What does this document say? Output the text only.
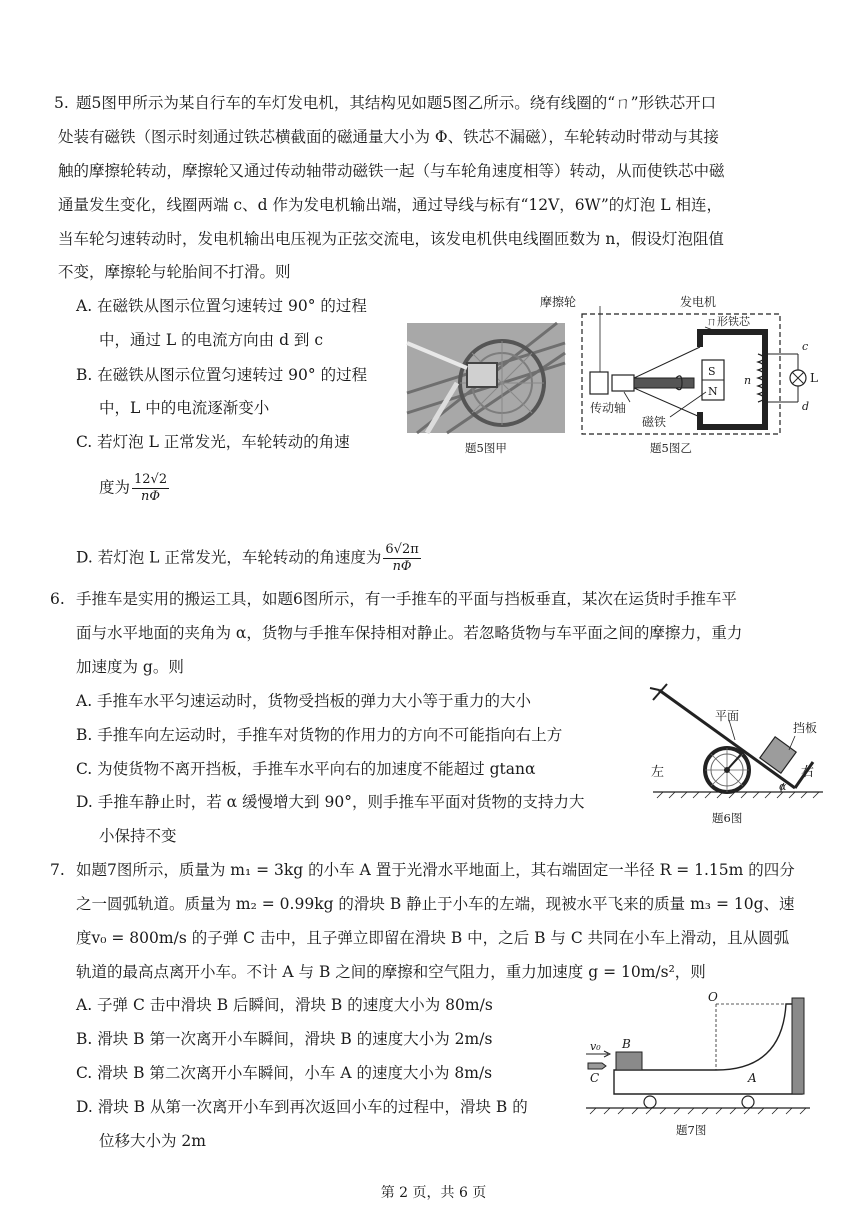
5. 题5图甲所示为某自行车的车灯发电机，其结构见如题5图乙所示。绕有线圈的“ㄇ”形铁芯开口
处装有磁铁（图示时刻通过铁芯横截面的磁通量大小为 Φ、铁芯不漏磁），车轮转动时带动与其接
触的摩擦轮转动，摩擦轮又通过传动轴带动磁铁一起（与车轮角速度相等）转动，从而使铁芯中磁
通量发生变化，线圈两端 c、d 作为发电机输出端，通过导线与标有“12V，6W”的灯泡 L 相连，
当车轮匀速转动时，发电机输出电压视为正弦交流电，该发电机供电线圈匝数为 n，假设灯泡阻值
不变，摩擦轮与轮胎间不打滑。则
A. 在磁铁从图示位置匀速转过 90° 的过程
中，通过 L 的电流方向由 d 到 c
B. 在磁铁从图示位置匀速转过 90° 的过程
中，L 中的电流逐渐变小
C. 若灯泡 L 正常发光，车轮转动的角速
度为 $\frac{12√2}{n\Phi}$
D. 若灯泡 L 正常发光，车轮转动的角速度为 $\frac{6√2\pi}{n\Phi}$
题5图甲
摩擦轮	发电机
ㄇ形铁芯
传动轴
磁铁
S
N
n
c
d
L
题5图乙
6. 手推车是实用的搬运工具，如题6图所示，有一手推车的平面与挡板垂直，某次在运货时手推车平
面与水平地面的夹角为 α，货物与手推车保持相对静止。若忽略货物与车平面之间的摩擦力，重力
加速度为 g。则
A. 手推车水平匀速运动时，货物受挡板的弹力大小等于重力的大小
B. 手推车向左运动时，手推车对货物的作用力的方向不可能指向右上方
C. 为使货物不离开挡板，手推车水平向右的加速度不能超过 gtanα
D. 手推车静止时，若 α 缓慢增大到 90°，则手推车平面对货物的支持力大
小保持不变
平面
挡板
左	右
α
题6图
7. 如题7图所示，质量为 m₁ = 3kg 的小车 A 置于光滑水平地面上，其右端固定一半径 R = 1.15m 的四分
之一圆弧轨道。质量为 m₂ = 0.99kg 的滑块 B 静止于小车的左端，现被水平飞来的质量 m₃ = 10g、速
度v₀ = 800m/s 的子弹 C 击中，且子弹立即留在滑块 B 中，之后 B 与 C 共同在小车上滑动，且从圆弧
轨道的最高点离开小车。不计 A 与 B 之间的摩擦和空气阻力，重力加速度 g = 10m/s²，则
A. 子弹 C 击中滑块 B 后瞬间，滑块 B 的速度大小为 80m/s
B. 滑块 B 第一次离开小车瞬间，滑块 B 的速度大小为 2m/s
C. 滑块 B 第二次离开小车瞬间，小车 A 的速度大小为 8m/s
D. 滑块 B 从第一次离开小车到再次返回小车的过程中，滑块 B 的
位移大小为 2m
O
v₀ B
C	A
题7图
第 2 页，共 6 页
